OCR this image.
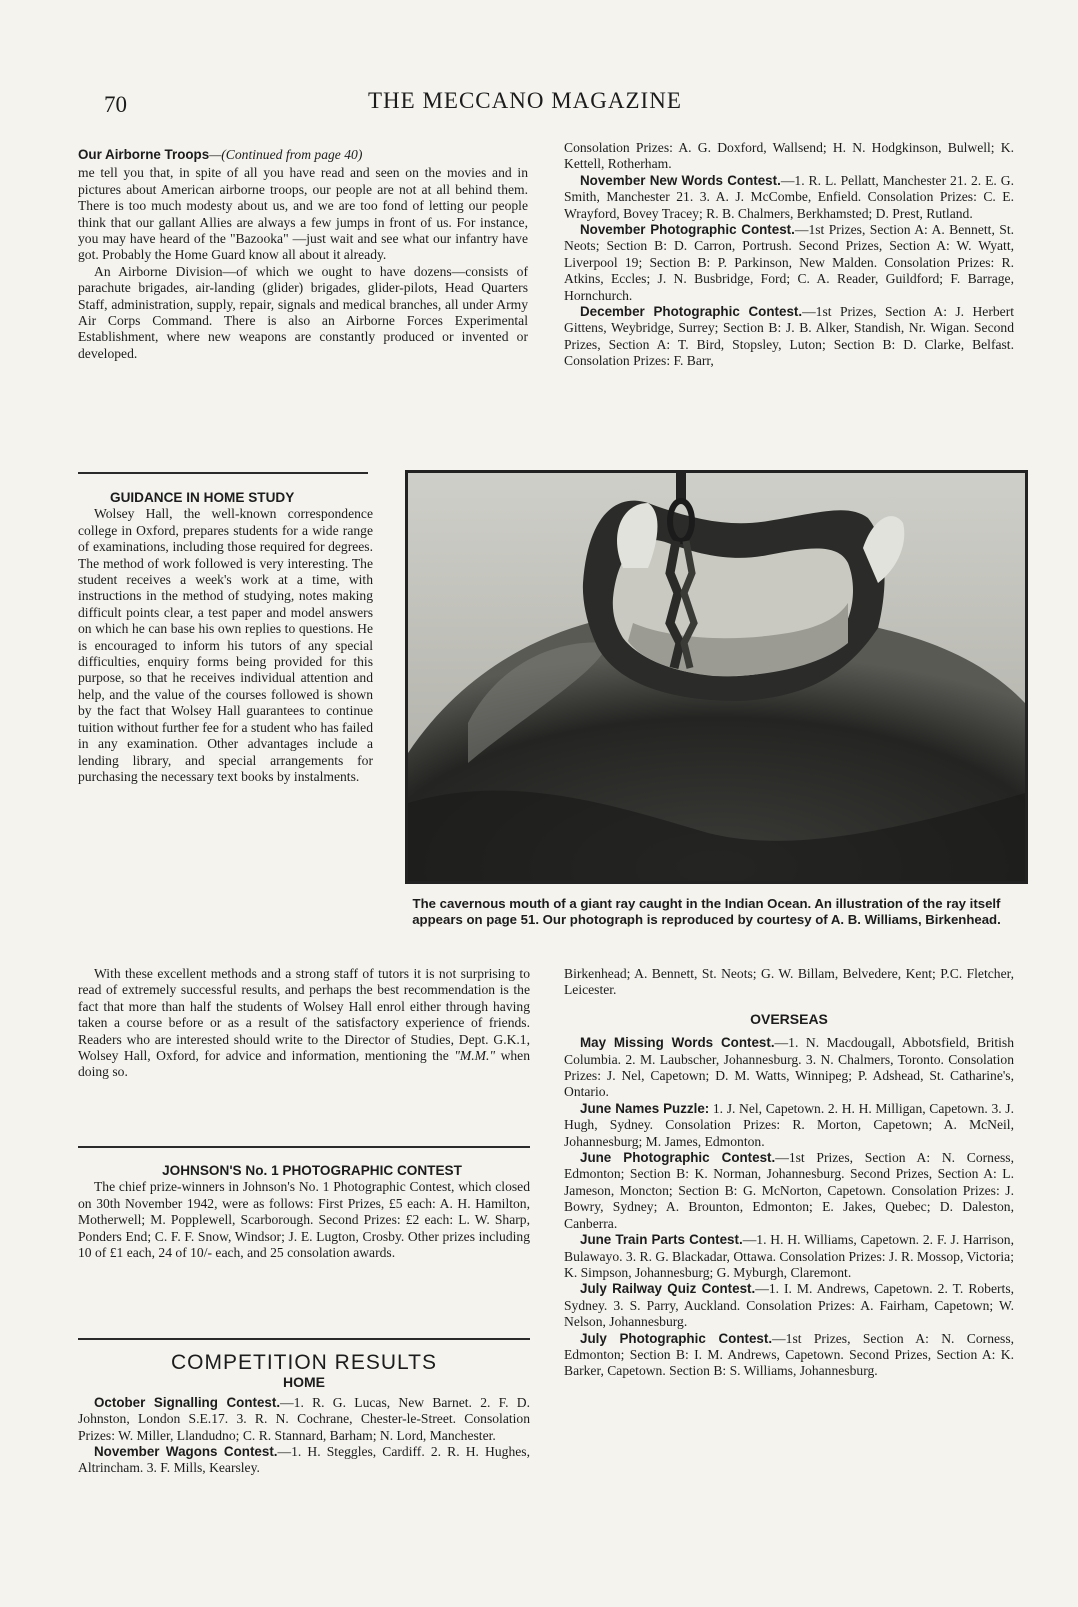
70	THE MECCANO MAGAZINE

Our Airborne Troops—(Continued from page 40)

me tell you that, in spite of all you have read and seen on the movies and in pictures about American airborne troops, our people are not at all behind them. There is too much modesty about us, and we are too fond of letting our people think that our gallant Allies are always a few jumps in front of us. For instance, you may have heard of the "Bazooka" —just wait and see what our infantry have got. Probably the Home Guard know all about it already.

An Airborne Division—of which we ought to have dozens—consists of parachute brigades, air-landing (glider) brigades, glider-pilots, Head Quarters Staff, administration, supply, repair, signals and medical branches, all under Army Air Corps Command. There is also an Airborne Forces Experimental Establishment, where new weapons are constantly produced or invented or developed.

GUIDANCE IN HOME STUDY

Wolsey Hall, the well-known correspondence college in Oxford, prepares students for a wide range of examinations, including those required for degrees. The method of work followed is very interesting. The student receives a week's work at a time, with instructions in the method of studying, notes making difficult points clear, a test paper and model answers on which he can base his own replies to questions. He is encouraged to inform his tutors of any special difficulties, enquiry forms being provided for this purpose, so that he receives individual attention and help, and the value of the courses followed is shown by the fact that Wolsey Hall guarantees to continue tuition without further fee for a student who has failed in any examination. Other advantages include a lending library, and special arrangements for purchasing the necessary text books by instalments.

With these excellent methods and a strong staff of tutors it is not surprising to read of extremely successful results, and perhaps the best recommendation is the fact that more than half the students of Wolsey Hall enrol either through having taken a course before or as a result of the satisfactory experience of friends. Readers who are interested should write to the Director of Studies, Dept. G.K.1, Wolsey Hall, Oxford, for advice and information, mentioning the "M.M." when doing so.

JOHNSON'S No. 1 PHOTOGRAPHIC CONTEST

The chief prize-winners in Johnson's No. 1 Photographic Contest, which closed on 30th November 1942, were as follows: First Prizes, £5 each: A. H. Hamilton, Motherwell; M. Popplewell, Scarborough. Second Prizes: £2 each: L. W. Sharp, Ponders End; C. F. F. Snow, Windsor; J. E. Lugton, Crosby. Other prizes including 10 of £1 each, 24 of 10/- each, and 25 consolation awards.

COMPETITION RESULTS
HOME

October Signalling Contest.—1. R. G. Lucas, New Barnet. 2. F. D. Johnston, London S.E.17. 3. R. N. Cochrane, Chester-le-Street. Consolation Prizes: W. Miller, Llandudno; C. R. Stannard, Barham; N. Lord, Manchester.

November Wagons Contest.—1. H. Steggles, Cardiff. 2. R. H. Hughes, Altrincham. 3. F. Mills, Kearsley.

Consolation Prizes: A. G. Doxford, Wallsend; H. N. Hodgkinson, Bulwell; K. Kettell, Rotherham.

November New Words Contest.—1. R. L. Pellatt, Manchester 21. 2. E. G. Smith, Manchester 21. 3. A. J. McCombe, Enfield. Consolation Prizes: C. E. Wrayford, Bovey Tracey; R. B. Chalmers, Berkhamsted; D. Prest, Rutland.

November Photographic Contest.—1st Prizes, Section A: A. Bennett, St. Neots; Section B: D. Carron, Portrush. Second Prizes, Section A: W. Wyatt, Liverpool 19; Section B: P. Parkinson, New Malden. Consolation Prizes: R. Atkins, Eccles; J. N. Busbridge, Ford; C. A. Reader, Guildford; F. Barrage, Hornchurch.

December Photographic Contest.—1st Prizes, Section A: J. Herbert Gittens, Weybridge, Surrey; Section B: J. B. Alker, Standish, Nr. Wigan. Second Prizes, Section A: T. Bird, Stopsley, Luton; Section B: D. Clarke, Belfast. Consolation Prizes: F. Barr,

The cavernous mouth of a giant ray caught in the Indian Ocean. An illustration of the ray itself appears on page 51. Our photograph is reproduced by courtesy of A. B. Williams, Birkenhead.

Birkenhead; A. Bennett, St. Neots; G. W. Billam, Belvedere, Kent; P.C. Fletcher, Leicester.

OVERSEAS

May Missing Words Contest.—1. N. Macdougall, Abbotsfield, British Columbia. 2. M. Laubscher, Johannesburg. 3. N. Chalmers, Toronto. Consolation Prizes: J. Nel, Capetown; D. M. Watts, Winnipeg; P. Adshead, St. Catharine's, Ontario.

June Names Puzzle: 1. J. Nel, Capetown. 2. H. H. Milligan, Capetown. 3. J. Hugh, Sydney. Consolation Prizes: R. Morton, Capetown; A. McNeil, Johannesburg; M. James, Edmonton.

June Photographic Contest.—1st Prizes, Section A: N. Corness, Edmonton; Section B: K. Norman, Johannesburg. Second Prizes, Section A: L. Jameson, Moncton; Section B: G. McNorton, Capetown. Consolation Prizes: J. Bowry, Sydney; A. Brounton, Edmonton; E. Jakes, Quebec; D. Daleston, Canberra.

June Train Parts Contest.—1. H. H. Williams, Capetown. 2. F. J. Harrison, Bulawayo. 3. R. G. Blackadar, Ottawa. Consolation Prizes: J. R. Mossop, Victoria; K. Simpson, Johannesburg; G. Myburgh, Claremont.

July Railway Quiz Contest.—1. I. M. Andrews, Capetown. 2. T. Roberts, Sydney. 3. S. Parry, Auckland. Consolation Prizes: A. Fairham, Capetown; W. Nelson, Johannesburg.

July Photographic Contest.—1st Prizes, Section A: N. Corness, Edmonton; Section B: I. M. Andrews, Capetown. Second Prizes, Section A: K. Barker, Capetown. Section B: S. Williams, Johannesburg.
